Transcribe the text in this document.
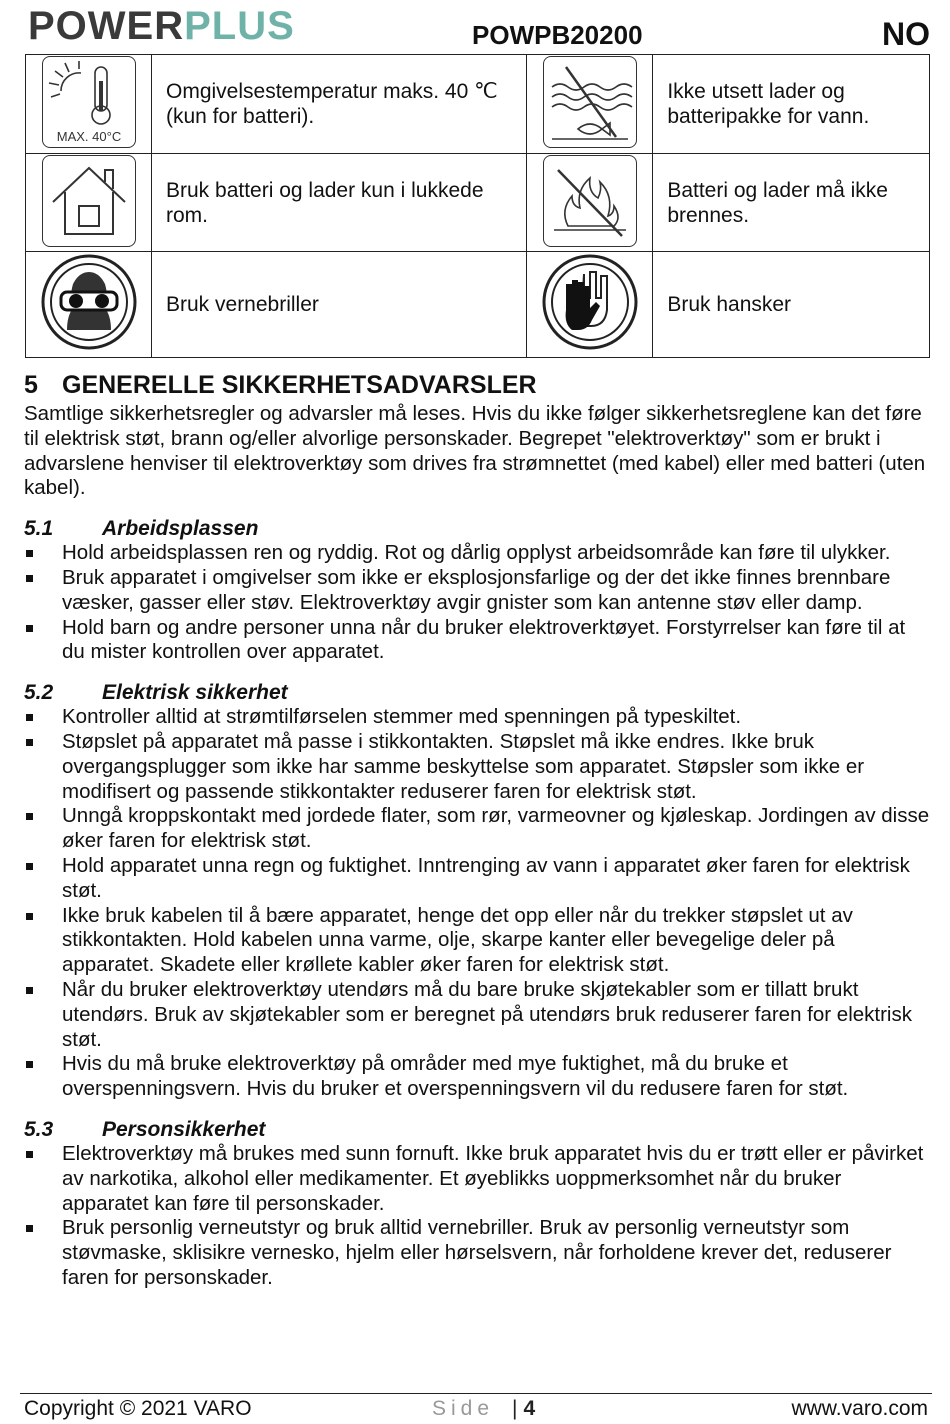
POWERPLUS	POWPB20200	NO
MAX. 40°C	Omgivelsestemperatur maks. 40 ℃ (kun for batteri).		Ikke utsett lader og batteripakke for vann.
	Bruk batteri og lader kun i lukkede rom.		Batteri og lader må ikke brennes.
	Bruk vernebriller		Bruk hansker
5 GENERELLE SIKKERHETSADVARSLER

Samtlige sikkerhetsregler og advarsler må leses. Hvis du ikke følger sikkerhetsreglene kan det føre til elektrisk støt, brann og/eller alvorlige personskader. Begrepet "elektroverktøy" som er brukt i advarslene henviser til elektroverktøy som drives fra strømnettet (med kabel) eller med batteri (uten kabel).

5.1 Arbeidsplassen
Hold arbeidsplassen ren og ryddig. Rot og dårlig opplyst arbeidsområde kan føre til ulykker.
Bruk apparatet i omgivelser som ikke er eksplosjonsfarlige og der det ikke finnes brennbare væsker, gasser eller støv. Elektroverktøy avgir gnister som kan antenne støv eller damp.
Hold barn og andre personer unna når du bruker elektroverktøyet. Forstyrrelser kan føre til at du mister kontrollen over apparatet.
5.2 Elektrisk sikkerhet
Kontroller alltid at strømtilførselen stemmer med spenningen på typeskiltet.
Støpslet på apparatet må passe i stikkontakten. Støpslet må ikke endres. Ikke bruk overgangsplugger som ikke har samme beskyttelse som apparatet. Støpsler som ikke er modifisert og passende stikkontakter reduserer faren for elektrisk støt.
Unngå kroppskontakt med jordede flater, som rør, varmeovner og kjøleskap. Jordingen av disse øker faren for elektrisk støt.
Hold apparatet unna regn og fuktighet. Inntrenging av vann i apparatet øker faren for elektrisk støt.
Ikke bruk kabelen til å bære apparatet, henge det opp eller når du trekker støpslet ut av stikkontakten. Hold kabelen unna varme, olje, skarpe kanter eller bevegelige deler på apparatet. Skadete eller krøllete kabler øker faren for elektrisk støt.
Når du bruker elektroverktøy utendørs må du bare bruke skjøtekabler som er tillatt brukt utendørs. Bruk av skjøtekabler som er beregnet på utendørs bruk reduserer faren for elektrisk støt.
Hvis du må bruke elektroverktøy på områder med mye fuktighet, må du bruke et overspenningsvern. Hvis du bruker et overspenningsvern vil du redusere faren for støt.
5.3 Personsikkerhet
Elektroverktøy må brukes med sunn fornuft. Ikke bruk apparatet hvis du er trøtt eller er påvirket av narkotika, alkohol eller medikamenter. Et øyeblikks uoppmerksomhet når du bruker apparatet kan føre til personskader.
Bruk personlig verneutstyr og bruk alltid vernebriller. Bruk av personlig verneutstyr som støvmaske, sklisikre vernesko, hjelm eller hørselsvern, når forholdene krever det, reduserer faren for personskader.
Copyright © 2021 VARO	Side | 4	www.varo.com
